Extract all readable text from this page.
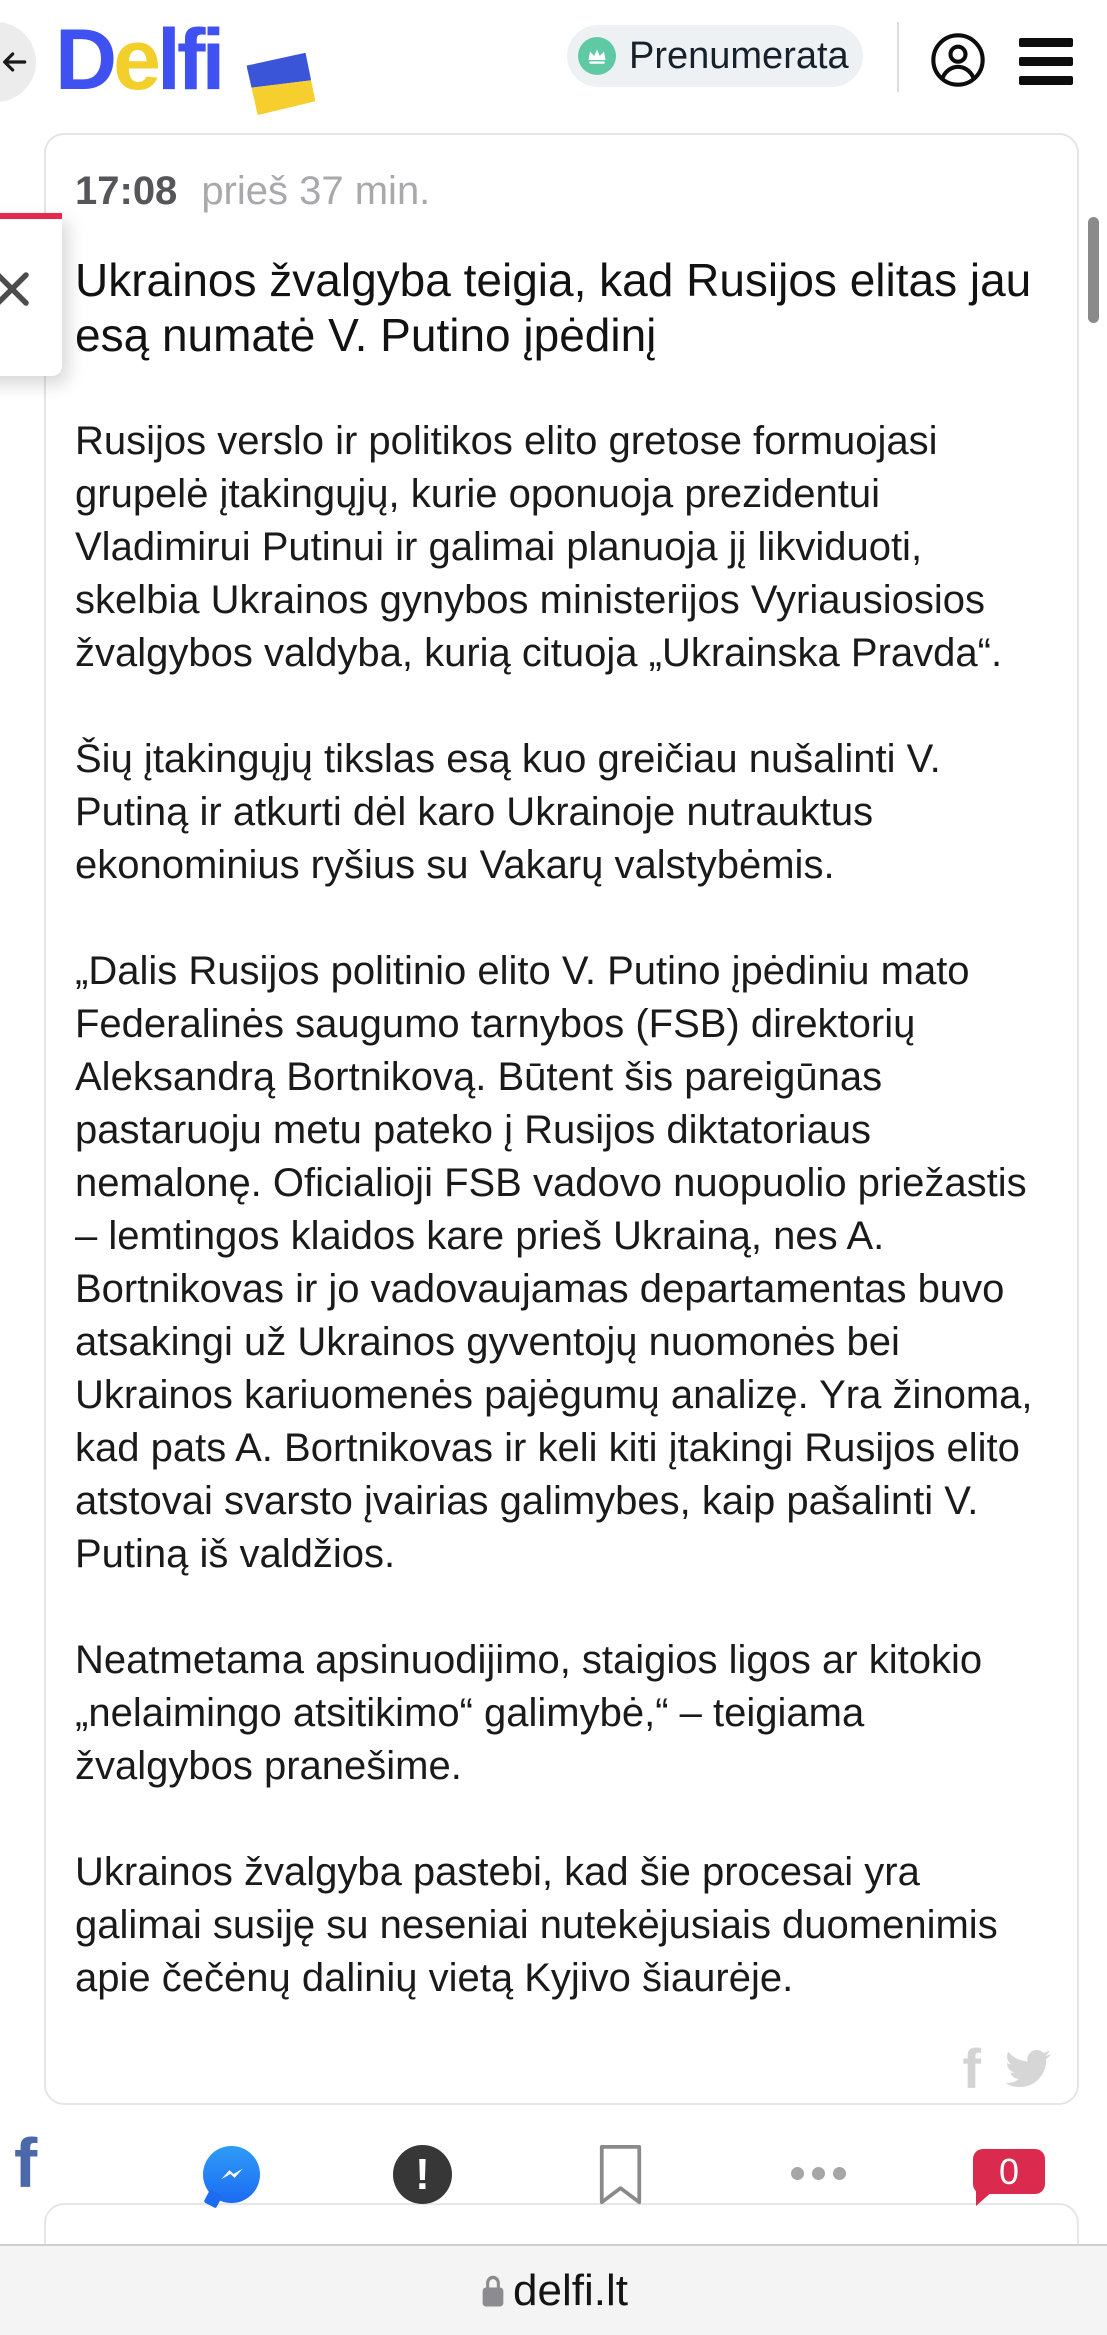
Delfi	Prenumerata
17:08 prieš 37 min.
Ukrainos žvalgyba teigia, kad Rusijos elitas jau esą numatė V. Putino įpėdinį

Rusijos verslo ir politikos elito gretose formuojasi grupelė įtakingųjų, kurie oponuoja prezidentui Vladimirui Putinui ir galimai planuoja jį likviduoti, skelbia Ukrainos gynybos ministerijos Vyriausiosios žvalgybos valdyba, kurią cituoja „Ukrainska Pravda“.

Šių įtakingųjų tikslas esą kuo greičiau nušalinti V. Putiną ir atkurti dėl karo Ukrainoje nutrauktus ekonominius ryšius su Vakarų valstybėmis.

„Dalis Rusijos politinio elito V. Putino įpėdiniu mato Federalinės saugumo tarnybos (FSB) direktorių Aleksandrą Bortnikovą. Būtent šis pareigūnas pastaruoju metu pateko į Rusijos diktatoriaus nemalonę. Oficialioji FSB vadovo nuopuolio priežastis – lemtingos klaidos kare prieš Ukrainą, nes A. Bortnikovas ir jo vadovaujamas departamentas buvo atsakingi už Ukrainos gyventojų nuomonės bei Ukrainos kariuomenės pajėgumų analizę. Yra žinoma, kad pats A. Bortnikovas ir keli kiti įtakingi Rusijos elito atstovai svarsto įvairias galimybes, kaip pašalinti V. Putiną iš valdžios.

Neatmetama apsinuodijimo, staigios ligos ar kitokio „nelaimingo atsitikimo“ galimybė,“ – teigiama žvalgybos pranešime.

Ukrainos žvalgyba pastebi, kad šie procesai yra galimai susiję su neseniai nutekėjusiais duomenimis apie čečėnų dalinių vietą Kyjivo šiaurėje.

f
f	!	0
delfi.lt
